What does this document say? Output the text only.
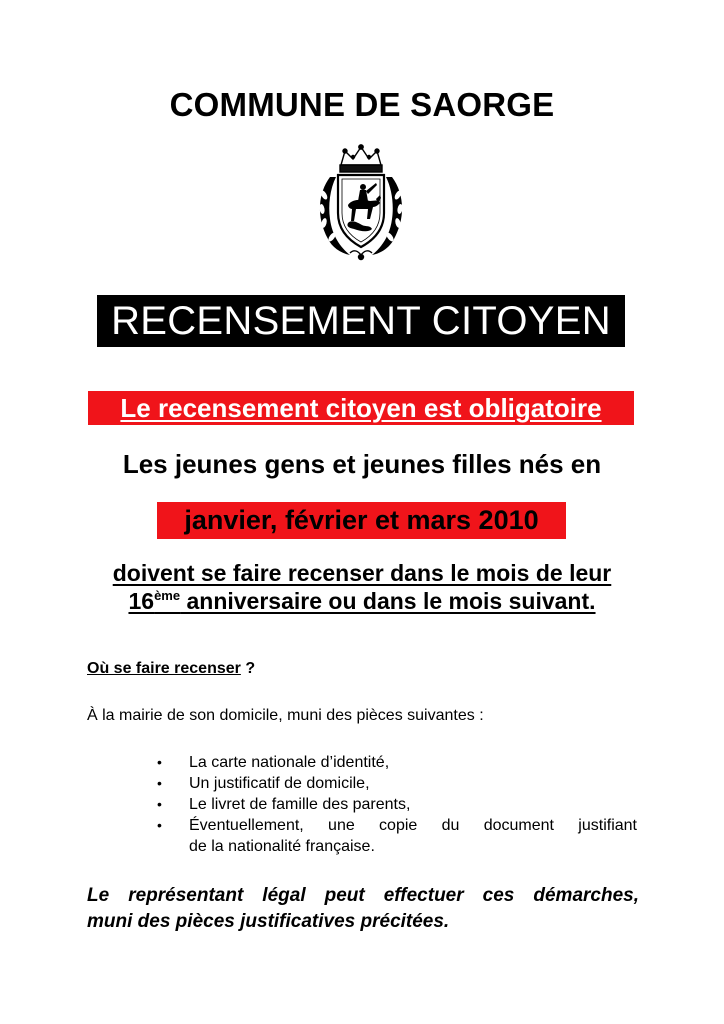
COMMUNE DE SAORGE
RECENSEMENT CITOYEN
Le recensement citoyen est obligatoire
Les jeunes gens et jeunes filles nés en
janvier, février et mars 2010
doivent se faire recenser dans le mois de leur
16ème anniversaire ou dans le mois suivant.
Où se faire recenser ?
À la mairie de son domicile, muni des pièces suivantes :
• La carte nationale d’identité,
• Un justificatif de domicile,
• Le livret de famille des parents,
• Éventuellement, une copie du document justifiant
de la nationalité française.
Le représentant légal peut effectuer ces démarches,
muni des pièces justificatives précitées.
